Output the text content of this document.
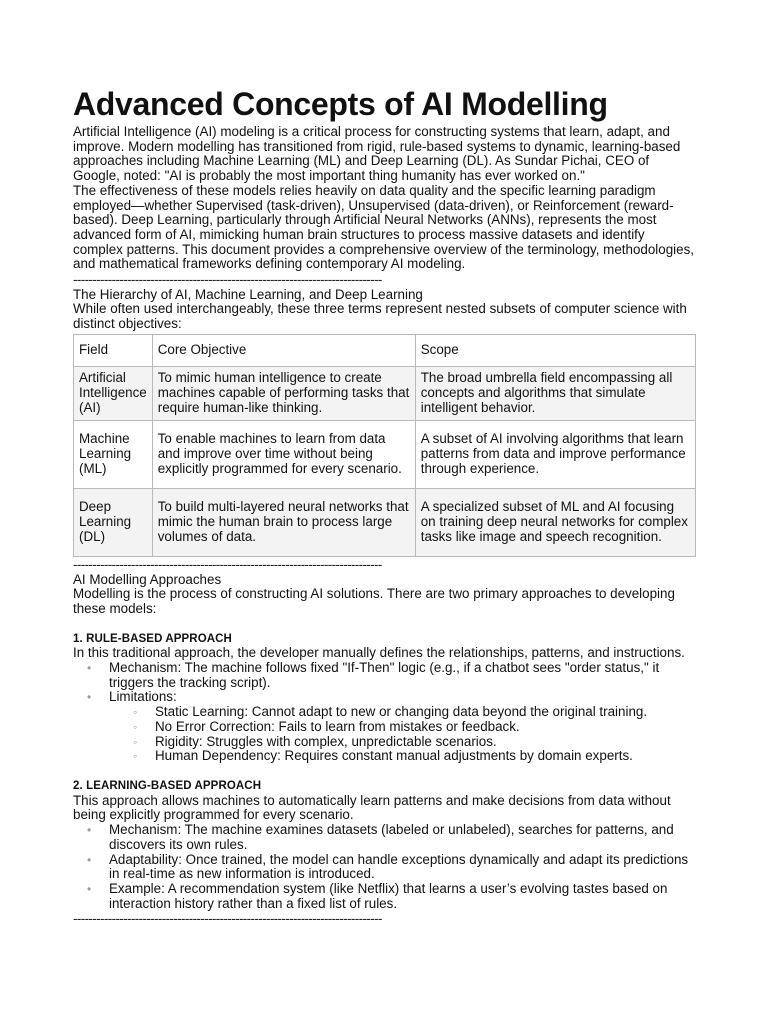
Advanced Concepts of AI Modelling

Artificial Intelligence (AI) modeling is a critical process for constructing systems that learn, adapt, and improve. Modern modelling has transitioned from rigid, rule-based systems to dynamic, learning-based approaches including Machine Learning (ML) and Deep Learning (DL). As Sundar Pichai, CEO of Google, noted: "AI is probably the most important thing humanity has ever worked on."

The effectiveness of these models relies heavily on data quality and the specific learning paradigm employed—whether Supervised (task-driven), Unsupervised (data-driven), or Reinforcement (reward-based). Deep Learning, particularly through Artificial Neural Networks (ANNs), represents the most advanced form of AI, mimicking human brain structures to process massive datasets and identify complex patterns. This document provides a comprehensive overview of the terminology, methodologies, and mathematical frameworks defining contemporary AI modeling.

--------------------------------------------------------------------------------

The Hierarchy of AI, Machine Learning, and Deep Learning

While often used interchangeably, these three terms represent nested subsets of computer science with distinct objectives:

Field	Core Objective	Scope
Artificial Intelligence (AI)	To mimic human intelligence to create machines capable of performing tasks that require human-like thinking.	The broad umbrella field encompassing all concepts and algorithms that simulate intelligent behavior.
Machine Learning (ML)	To enable machines to learn from data and improve over time without being explicitly programmed for every scenario.	A subset of AI involving algorithms that learn patterns from data and improve performance through experience.
Deep Learning (DL)	To build multi-layered neural networks that mimic the human brain to process large volumes of data.	A specialized subset of ML and AI focusing on training deep neural networks for complex tasks like image and speech recognition.
--------------------------------------------------------------------------------

AI Modelling Approaches

Modelling is the process of constructing AI solutions. There are two primary approaches to developing these models:

1. RULE-BASED APPROACH

In this traditional approach, the developer manually defines the relationships, patterns, and instructions.

• Mechanism: The machine follows fixed "If-Then" logic (e.g., if a chatbot sees "order status," it triggers the tracking script).
• Limitations:
◦ Static Learning: Cannot adapt to new or changing data beyond the original training.
◦ No Error Correction: Fails to learn from mistakes or feedback.
◦ Rigidity: Struggles with complex, unpredictable scenarios.
◦ Human Dependency: Requires constant manual adjustments by domain experts.
2. LEARNING-BASED APPROACH

This approach allows machines to automatically learn patterns and make decisions from data without being explicitly programmed for every scenario.

• Mechanism: The machine examines datasets (labeled or unlabeled), searches for patterns, and discovers its own rules.
• Adaptability: Once trained, the model can handle exceptions dynamically and adapt its predictions in real-time as new information is introduced.
• Example: A recommendation system (like Netflix) that learns a user’s evolving tastes based on interaction history rather than a fixed list of rules.
--------------------------------------------------------------------------------
